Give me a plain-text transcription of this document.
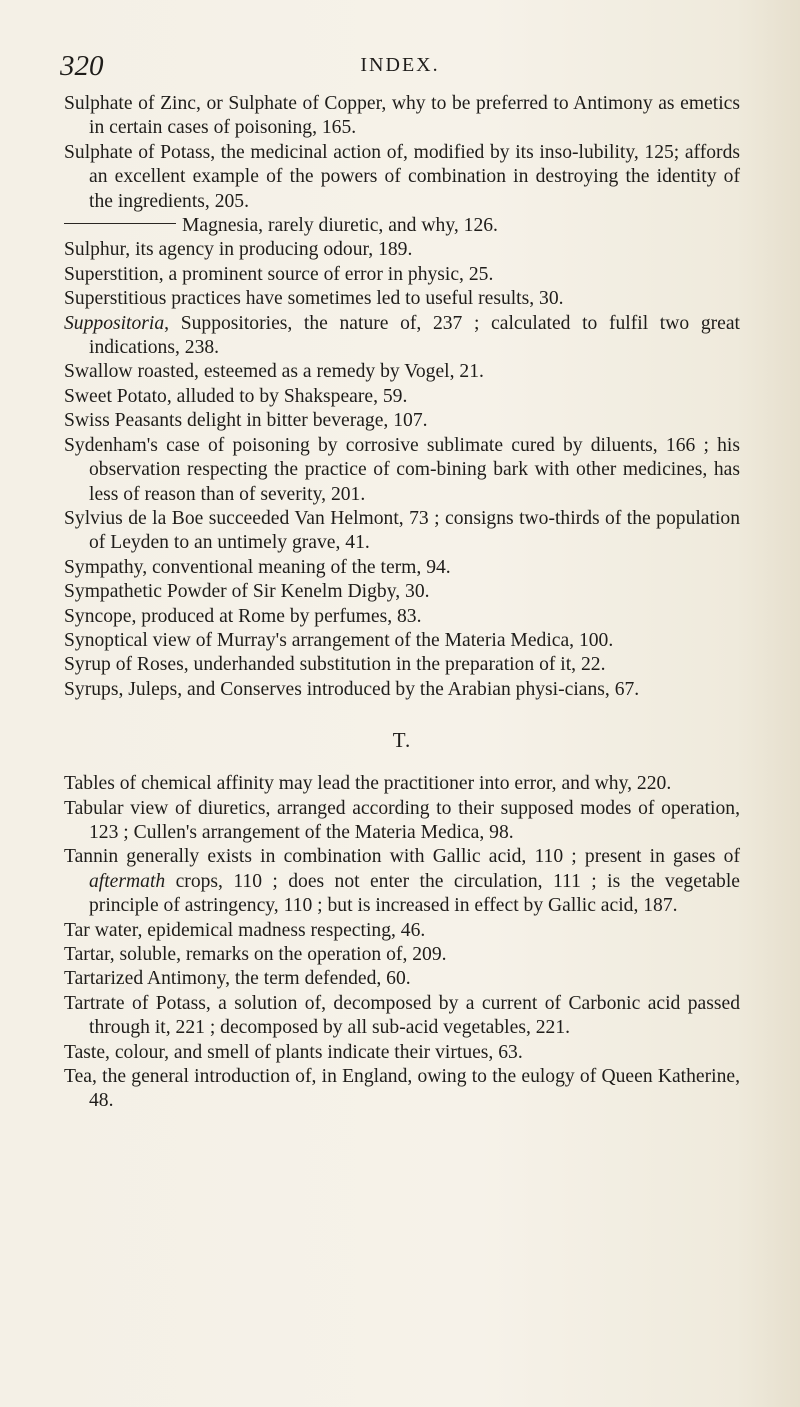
320	INDEX.

Sulphate of Zinc, or Sulphate of Copper, why to be preferred to Antimony as emetics in certain cases of poisoning, 165.

Sulphate of Potass, the medicinal action of, modified by its inso-lubility, 125; affords an excellent example of the powers of combination in destroying the identity of the ingredients, 205.

Magnesia, rarely diuretic, and why, 126.

Sulphur, its agency in producing odour, 189.

Superstition, a prominent source of error in physic, 25.

Superstitious practices have sometimes led to useful results, 30.

Suppositoria, Suppositories, the nature of, 237 ; calculated to fulfil two great indications, 238.

Swallow roasted, esteemed as a remedy by Vogel, 21.

Sweet Potato, alluded to by Shakspeare, 59.

Swiss Peasants delight in bitter beverage, 107.

Sydenham's case of poisoning by corrosive sublimate cured by diluents, 166 ; his observation respecting the practice of com-bining bark with other medicines, has less of reason than of severity, 201.

Sylvius de la Boe succeeded Van Helmont, 73 ; consigns two-thirds of the population of Leyden to an untimely grave, 41.

Sympathy, conventional meaning of the term, 94.

Sympathetic Powder of Sir Kenelm Digby, 30.

Syncope, produced at Rome by perfumes, 83.

Synoptical view of Murray's arrangement of the Materia Medica, 100.

Syrup of Roses, underhanded substitution in the preparation of it, 22.

Syrups, Juleps, and Conserves introduced by the Arabian physi-cians, 67.

T.

Tables of chemical affinity may lead the practitioner into error, and why, 220.

Tabular view of diuretics, arranged according to their supposed modes of operation, 123 ; Cullen's arrangement of the Materia Medica, 98.

Tannin generally exists in combination with Gallic acid, 110 ; present in gases of aftermath crops, 110 ; does not enter the circulation, 111 ; is the vegetable principle of astringency, 110 ; but is increased in effect by Gallic acid, 187.

Tar water, epidemical madness respecting, 46.

Tartar, soluble, remarks on the operation of, 209.

Tartarized Antimony, the term defended, 60.

Tartrate of Potass, a solution of, decomposed by a current of Carbonic acid passed through it, 221 ; decomposed by all sub-acid vegetables, 221.

Taste, colour, and smell of plants indicate their virtues, 63.

Tea, the general introduction of, in England, owing to the eulogy of Queen Katherine, 48.
